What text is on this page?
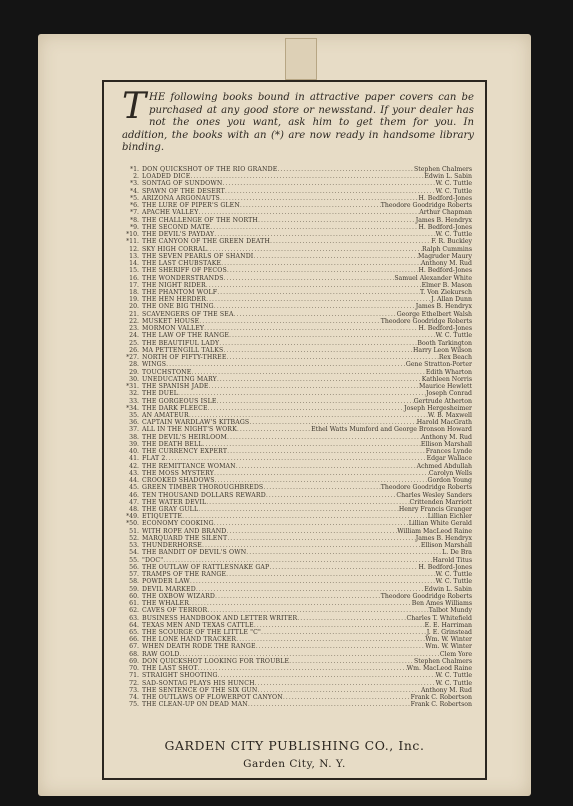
THE following books bound in attractive paper covers can be purchased at any good store or newsstand. If your dealer has not the ones you want, ask him to get them for you. In addition, the books with an (*) are now ready in handsome library binding.
*1. DON QUICKSHOT OF THE RIO GRANDE .....	Stephen Chalmers
2. LOADED DICE .....	Edwin L. Sabin
*3. SONTAG OF SUNDOWN .....	W. C. Tuttle
*4. SPAWN OF THE DESERT .....	W. C. Tuttle
*5. ARIZONA ARGONAUTS .....	H. Bedford-Jones
*6. THE LURE OF PIPER'S GLEN .....	Theodore Goodridge Roberts
*7. APACHE VALLEY .....	Arthur Chapman
*8. THE CHALLENGE OF THE NORTH .....	James B. Hendryx
*9. THE SECOND MATE .....	H. Bedford-Jones
*10. THE DEVIL'S PAYDAY .....	W. C. Tuttle
*11. THE CANYON OF THE GREEN DEATH .....	F. R. Buckley
12. SKY HIGH CORRAL .....	Ralph Cummins
13. THE SEVEN PEARLS OF SHANDI .....	Magruder Maury
14. THE LAST CHUBSTAKE .....	Anthony M. Rud
15. THE SHERIFF OF PECOS .....	H. Bedford-Jones
16. THE WONDERSTRANDS .....	Samuel Alexander White
17. THE NIGHT RIDER .....	Elmer B. Mason
18. THE PHANTOM WOLF .....	T. Von Ziekursch
19. THE HEN HERDER .....	J. Allan Dunn
20. THE ONE BIG THING .....	James B. Hendryx
21. SCAVENGERS OF THE SEA .....	George Ethelbert Walsh
22. MUSKET HOUSE .....	Theodore Goodridge Roberts
23. MORMON VALLEY .....	H. Bedford-Jones
24. THE LAW OF THE RANGE .....	W. C. Tuttle
25. THE BEAUTIFUL LADY .....	Booth Tarkington
26. MA PETTENGILL TALKS .....	Harry Leon Wilson
*27. NORTH OF FIFTY-THREE .....	Rex Beach
28. WINGS .....	Gene Stratton-Porter
29. TOUCHSTONE .....	Edith Wharton
30. UNEDUCATING MARY .....	Kathleen Norris
*31. THE SPANISH JADE .....	Maurice Hewlett
32. THE DUEL .....	Joseph Conrad
33. THE GORGEOUS ISLE .....	Gertrude Atherton
*34. THE DARK FLEECE .....	Joseph Hergesheimer
35. AN AMATEUR .....	W. B. Maxwell
36. CAPTAIN WARDLAW'S KITBAGS .....	Harold MacGrath
37. ALL IN THE NIGHT'S WORK .....	Ethel Watts Mumford and George Bronson Howard
38. THE DEVIL'S HEIRLOOM .....	Anthony M. Rud
39. THE DEATH BELL .....	Ellison Marshall
40. THE CURRENCY EXPERT .....	Frances Lynde
41. FLAT 2 .....	Edgar Wallace
42. THE REMITTANCE WOMAN .....	Achmed Abdullah
43. THE MOSS MYSTERY .....	Carolyn Wells
44. CROOKED SHADOWS .....	Gordon Young
45. GREEN TIMBER THOROUGHBREDS .....	Theodore Goodridge Roberts
46. TEN THOUSAND DOLLARS REWARD .....	Charles Wesley Sanders
47. THE WATER DEVIL .....	Crittenden Marriott
48. THE GRAY GULL .....	Henry Francis Granger
*49. ETIQUETTE .....	Lillian Eichler
*50. ECONOMY COOKING .....	Lillian White Gerald
51. WITH ROPE AND BRAND .....	William MacLeod Raine
52. MARQUARD THE SILENT .....	James B. Hendryx
53. THUNDERHORSE .....	Ellison Marshall
54. THE BANDIT OF DEVIL'S OWN .....	L. De Bra
55. "DOC" .....	Harold Titus
56. THE OUTLAW OF RATTLESNAKE GAP .....	H. Bedford-Jones
57. TRAMPS OF THE RANGE .....	W. C. Tuttle
58. POWDER LAW .....	W. C. Tuttle
59. DEVIL MARKED .....	Edwin L. Sabin
60. THE OXBOW WIZARD .....	Theodore Goodridge Roberts
61. THE WHALER .....	Ben Ames Williams
62. CAVES OF TERROR .....	Talbot Mundy
63. BUSINESS HANDBOOK AND LETTER WRITER .....	Charles T. Whitefield
64. TEXAS MEN AND TEXAS CATTLE .....	E. E. Harriman
65. THE SCOURGE OF THE LITTLE "C" .....	J. E. Grinstead
66. THE LONE HAND TRACKER .....	Wm. W. Winter
67. WHEN DEATH RODE THE RANGE .....	Wm. W. Winter
68. RAW GOLD .....	Clem Yore
69. DON QUICKSHOT LOOKING FOR TROUBLE .....	Stephen Chalmers
70. THE LAST SHOT .....	Wm. MacLeod Raine
71. STRAIGHT SHOOTING .....	W. C. Tuttle
72. SAD-SONTAG PLAYS HIS HUNCH .....	W. C. Tuttle
73. THE SENTENCE OF THE SIX GUN .....	Anthony M. Rud
74. THE OUTLAWS OF FLOWERPOT CANYON .....	Frank C. Robertson
75. THE CLEAN-UP ON DEAD MAN .....	Frank C. Robertson
GARDEN CITY PUBLISHING CO., Inc.
Garden City, N. Y.
